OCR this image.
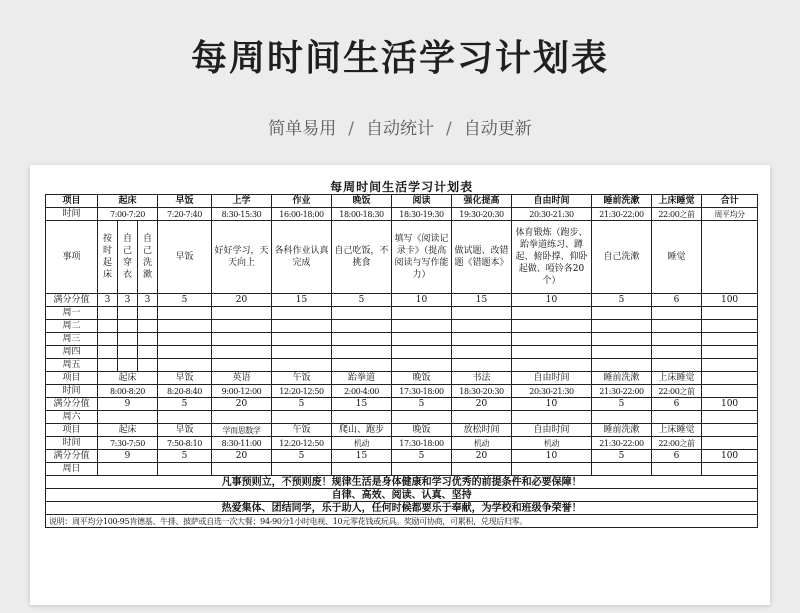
每周时间生活学习计划表
简单易用 / 自动统计 / 自动更新
每周时间生活学习计划表													
项目	起床			早饭	上学	作业	晚饭	阅读	强化提高	自由时间	睡前洗漱	上床睡觉	合计
时间	7:00-7:20			7:20-7:40	8:30-15:30	16:00-18:00	18:00-18:30	18:30-19:30	19:30-20:30	20:30-21:30	21:30-22:00	22:00之前	周平均分
事项	按时起床	自己穿衣	自己洗漱	早饭	好好学习，天天向上	各科作业认真完成	自己吃饭，不挑食	填写《阅读记录卡》（提高阅读与写作能力）	做试题、改错题《错题本》	体育锻炼（跑步、跆拳道练习、蹲起、俯卧撑、仰卧起做、啞铃各20个）	自己洗漱	睡觉	
满分分值	3	3	3	5	20	15	5	10	15	10	5	6	100
周一													
周二													
周三													
周四													
周五													
项目	起床			早饭	英语	午饭	跆拳道	晚饭	书法	自由时间	睡前洗漱	上床睡觉	
时间	8:00-8:20			8:20-8:40	9:00-12:00	12:20-12:50	2:00-4:00	17:30-18:00	18:30-20:30	20:30-21:30	21:30-22:00	22:00之前	
满分分值	9			5	20	5	15	5	20	10	5	6	100
周六													
项目	起床			早饭	学而思数学	午饭	爬山、跑步	晚饭	放松时间	自由时间	睡前洗漱	上床睡觉	
时间	7:30-7:50			7:50-8:10	8:30-11:00	12:20-12:50	机动	17:30-18:00	机动	机动	21:30-22:00	22:00之前	
满分分值	9			5	20	5	15	5	20	10	5	6	100
周日													
凡事预则立，不预则废！规律生活是身体健康和学习优秀的前提条件和必要保障！													
自律、高效、阅读、认真、坚持													
热爱集体、团结同学，乐于助人，任何时候都要乐于奉献，为学校和班级争荣誉！													
说明：周平均分100-95肯德基、牛排、披萨或自选一次大餐；94-90分1小时电视、10元零花钱或玩具。奖励可协商，可累积，兑现后归零。													
